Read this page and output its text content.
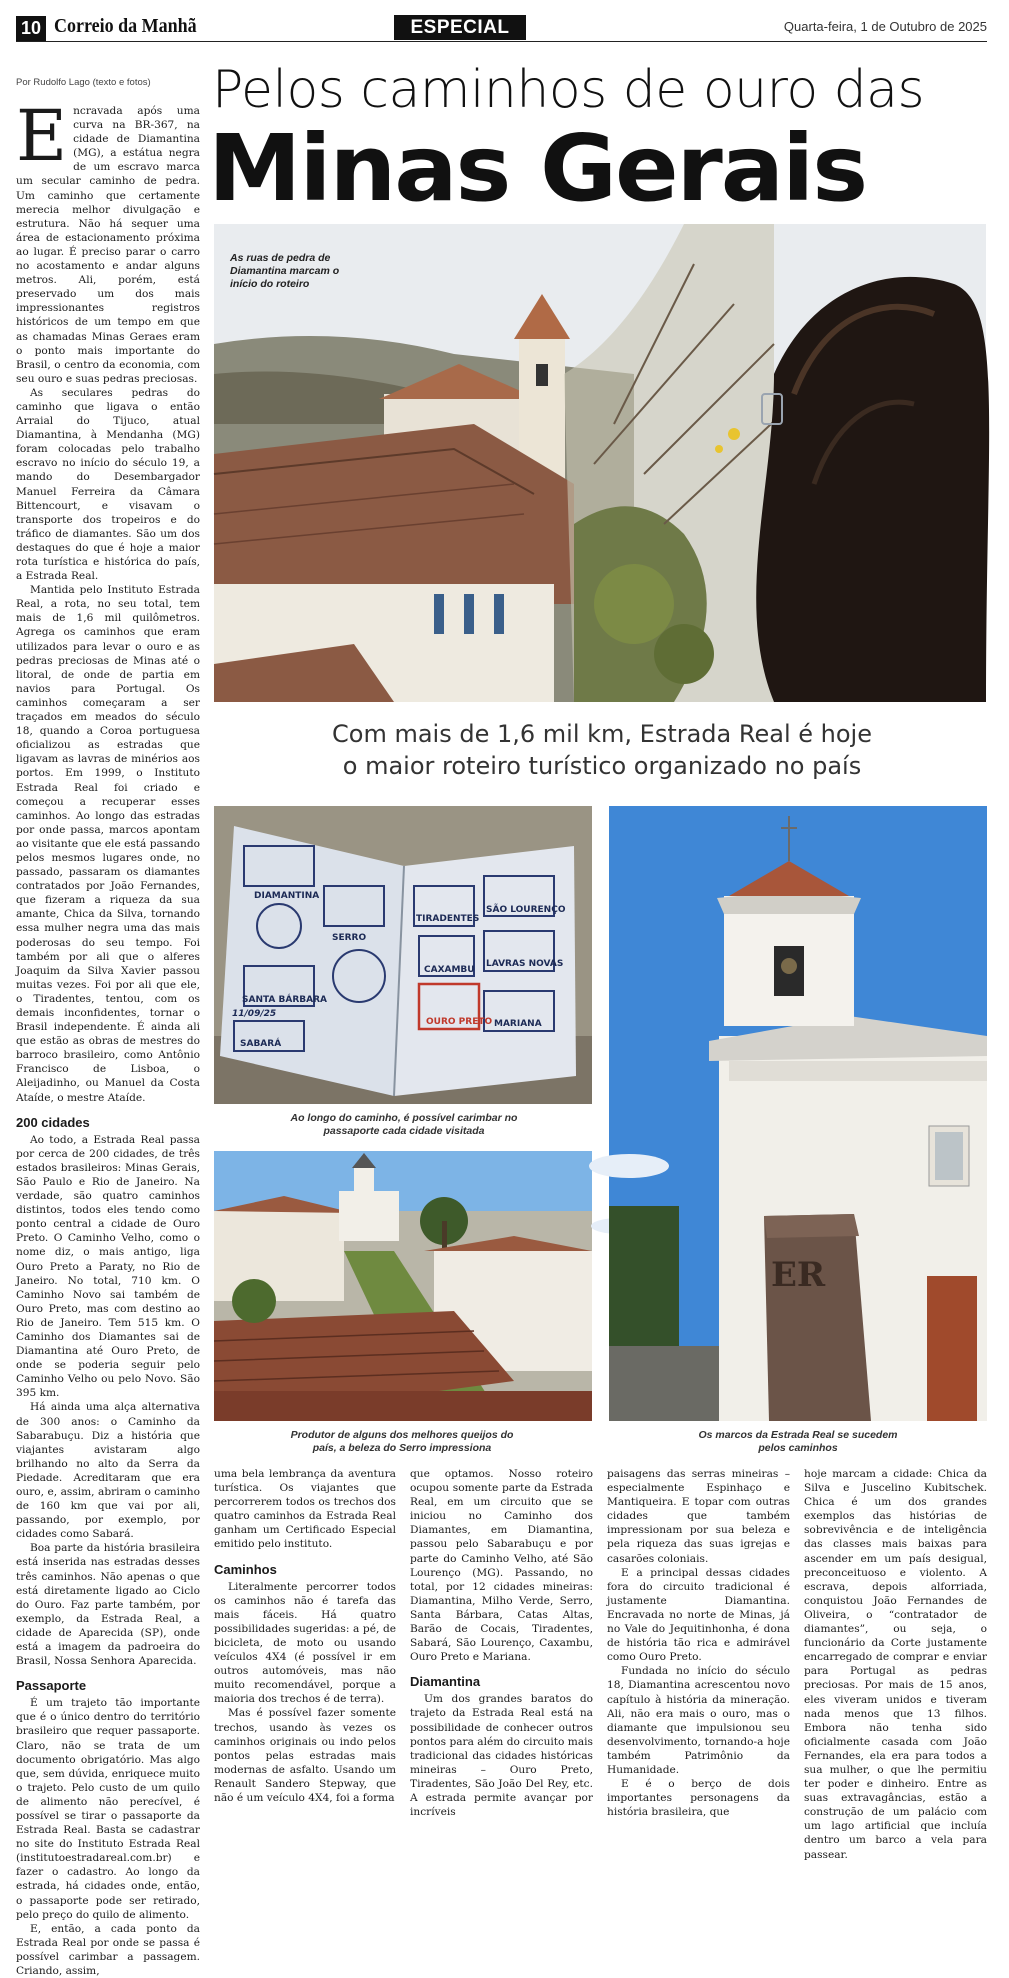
10 Correio da Manhã	ESPECIAL	Quarta-feira, 1 de Outubro de 2025
Por Rudolfo Lago (texto e fotos) Pelos caminhos de ouro das
Minas Gerais
As ruas de pedra de Diamantina marcam o início do roteiro
Com mais de 1,6 mil km, Estrada Real é hoje
o maior roteiro turístico organizado no país
DIAMANTINA
SERRO
TIRADENTES
SÃO LOURENÇO
CAXAMBU
LAVRAS NOVAS
SANTA BÁRBARA
OURO PRETO MARIANA
SABARÁ
11/09/25
Ao longo do caminho, é possível carimbar no passaporte cada cidade visitada
Produtor de alguns dos melhores queijos do país, a beleza do Serro impressiona
ER
Os marcos da Estrada Real se sucedem pelos caminhos

Encravada após uma curva na BR-367, na cidade de Diamantina (MG), a estátua negra de um escravo marca um secular caminho de pedra. Um caminho que certamente merecia melhor divulgação e estrutura. Não há sequer uma área de estacionamento próxima ao lugar. É preciso parar o carro no acostamento e andar alguns metros. Ali, porém, está preservado um dos mais impressionantes registros históricos de um tempo em que as chamadas Minas Geraes eram o ponto mais importante do Brasil, o centro da economia, com seu ouro e suas pedras preciosas.

As seculares pedras do caminho que ligava o então Arraial do Tijuco, atual Diamantina, à Mendanha (MG) foram colocadas pelo trabalho escravo no início do século 19, a mando do Desembargador Manuel Ferreira da Câmara Bittencourt, e visavam o transporte dos tropeiros e do tráfico de diamantes. São um dos destaques do que é hoje a maior rota turística e histórica do país, a Estrada Real.

Mantida pelo Instituto Estrada Real, a rota, no seu total, tem mais de 1,6 mil quilômetros. Agrega os caminhos que eram utilizados para levar o ouro e as pedras preciosas de Minas até o litoral, de onde de partia em navios para Portugal. Os caminhos começaram a ser traçados em meados do século 18, quando a Coroa portuguesa oficializou as estradas que ligavam as lavras de minérios aos portos. Em 1999, o Instituto Estrada Real foi criado e começou a recuperar esses caminhos. Ao longo das estradas por onde passa, marcos apontam ao visitante que ele está passando pelos mesmos lugares onde, no passado, passaram os diamantes contratados por João Fernandes, que fizeram a riqueza da sua amante, Chica da Silva, tornando essa mulher negra uma das mais poderosas do seu tempo. Foi também por ali que o alferes Joaquim da Silva Xavier passou muitas vezes. Foi por ali que ele, o Tiradentes, tentou, com os demais inconfidentes, tornar o Brasil independente. É ainda ali que estão as obras de mestres do barroco brasileiro, como Antônio Francisco de Lisboa, o Aleijadinho, ou Manuel da Costa Ataíde, o mestre Ataíde.

200 cidades

Ao todo, a Estrada Real passa por cerca de 200 cidades, de três estados brasileiros: Minas Gerais, São Paulo e Rio de Janeiro. Na verdade, são quatro caminhos distintos, todos eles tendo como ponto central a cidade de Ouro Preto. O Caminho Velho, como o nome diz, o mais antigo, liga Ouro Preto a Paraty, no Rio de Janeiro. No total, 710 km. O Caminho Novo sai também de Ouro Preto, mas com destino ao Rio de Janeiro. Tem 515 km. O Caminho dos Diamantes sai de Diamantina até Ouro Preto, de onde se poderia seguir pelo Caminho Velho ou pelo Novo. São 395 km.

Há ainda uma alça alternativa de 300 anos: o Caminho da Sabarabuçu. Diz a história que viajantes avistaram algo brilhando no alto da Serra da Piedade. Acreditaram que era ouro, e, assim, abriram o caminho de 160 km que vai por ali, passando, por exemplo, por cidades como Sabará.

Boa parte da história brasileira está inserida nas estradas desses três caminhos. Não apenas o que está diretamente ligado ao Ciclo do Ouro. Faz parte também, por exemplo, da Estrada Real, a cidade de Aparecida (SP), onde está a imagem da padroeira do Brasil, Nossa Senhora Aparecida.

Passaporte

É um trajeto tão importante que é o único dentro do território brasileiro que requer passaporte. Claro, não se trata de um documento obrigatório. Mas algo que, sem dúvida, enriquece muito o trajeto. Pelo custo de um quilo de alimento não perecível, é possível se tirar o passaporte da Estrada Real. Basta se cadastrar no site do Instituto Estrada Real (institutoestradareal.com.br) e fazer o cadastro. Ao longo da estrada, há cidades onde, então, o passaporte pode ser retirado, pelo preço do quilo de alimento.

E, então, a cada ponto da Estrada Real por onde se passa é possível carimbar a passagem. Criando, assim,

uma bela lembrança da aventura turística. Os viajantes que percorrerem todos os trechos dos quatro caminhos da Estrada Real ganham um Certificado Especial emitido pelo instituto.

Caminhos

Literalmente percorrer todos os caminhos não é tarefa das mais fáceis. Há quatro possibilidades sugeridas: a pé, de bicicleta, de moto ou usando veículos 4X4 (é possível ir em outros automóveis, mas não muito recomendável, porque a maioria dos trechos é de terra).

Mas é possível fazer somente trechos, usando às vezes os caminhos originais ou indo pelos pontos pelas estradas mais modernas de asfalto. Usando um Renault Sandero Stepway, que não é um veículo 4X4, foi a forma

que optamos. Nosso roteiro ocupou somente parte da Estrada Real, em um circuito que se iniciou no Caminho dos Diamantes, em Diamantina, passou pelo Sabarabuçu e por parte do Caminho Velho, até São Lourenço (MG). Passando, no total, por 12 cidades mineiras: Diamantina, Milho Verde, Serro, Santa Bárbara, Catas Altas, Barão de Cocais, Tiradentes, Sabará, São Lourenço, Caxambu, Ouro Preto e Mariana.

Diamantina

Um dos grandes baratos do trajeto da Estrada Real está na possibilidade de conhecer outros pontos para além do circuito mais tradicional das cidades históricas mineiras – Ouro Preto, Tiradentes, São João Del Rey, etc. A estrada permite avançar por incríveis

paisagens das serras mineiras – especialmente Espinhaço e Mantiqueira. E topar com outras cidades que também impressionam por sua beleza e pela riqueza das suas igrejas e casarões coloniais.

E a principal dessas cidades fora do circuito tradicional é justamente Diamantina. Encravada no norte de Minas, já no Vale do Jequitinhonha, é dona de história tão rica e admirável como Ouro Preto.

Fundada no início do século 18, Diamantina acrescentou novo capítulo à história da mineração. Ali, não era mais o ouro, mas o diamante que impulsionou seu desenvolvimento, tornando-a hoje também Patrimônio da Humanidade.

E é o berço de dois importantes personagens da história brasileira, que

hoje marcam a cidade: Chica da Silva e Juscelino Kubitschek. Chica é um dos grandes exemplos das histórias de sobrevivência e de inteligência das classes mais baixas para ascender em um país desigual, preconceituoso e violento. A escrava, depois alforriada, conquistou João Fernandes de Oliveira, o “contratador de diamantes”, ou seja, o funcionário da Corte justamente encarregado de comprar e enviar para Portugal as pedras preciosas. Por mais de 15 anos, eles viveram unidos e tiveram nada menos que 13 filhos. Embora não tenha sido oficialmente casada com João Fernandes, ela era para todos a sua mulher, o que lhe permitiu ter poder e dinheiro. Entre as suas extravagâncias, estão a construção de um palácio com um lago artificial que incluía dentro um barco a vela para passear.
